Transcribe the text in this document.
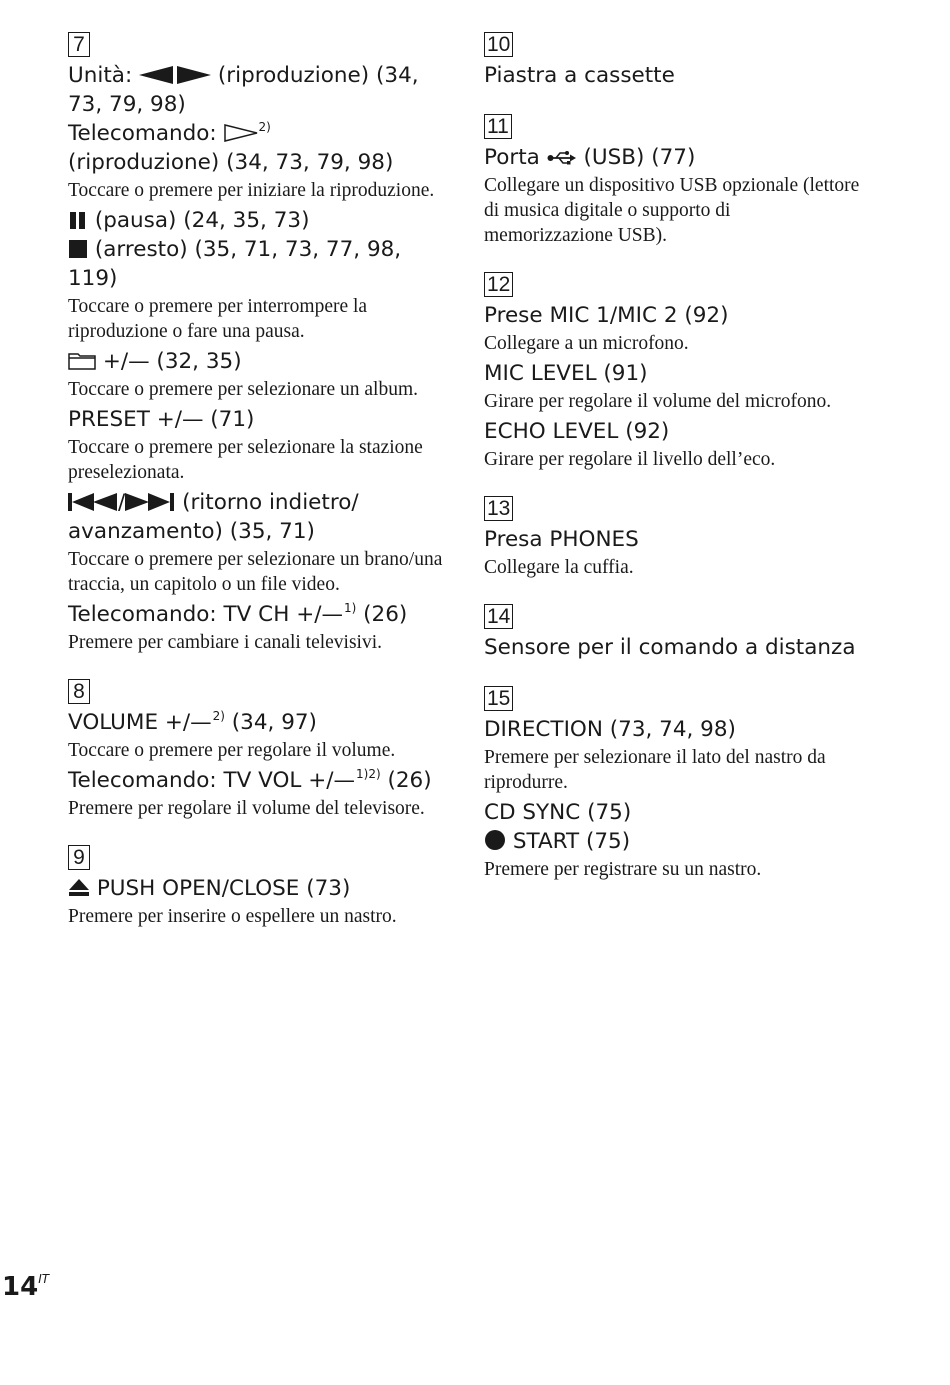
7

Unità:	(riproduzione) (34, 73, 79, 98)

Telecomando:	$^{2)}$
(riproduzione) (34, 73, 79, 98)

Toccare o premere per iniziare la riproduzione.

(pausa) (24, 35, 73)

(arresto) (35, 71, 73, 77, 98, 119)

Toccare o premere per interrompere la riproduzione o fare una pausa.

+/— (32, 35)

Toccare o premere per selezionare un album.

PRESET +/— (71)

Toccare o premere per selezionare la stazione preselezionata.

/ (ritorno indietro/ avanzamento) (35, 71)

Toccare o premere per selezionare un brano/una traccia, un capitolo o un file video.

Telecomando: TV CH +/—$^{1)}$ (26)

Premere per cambiare i canali televisivi.

8

VOLUME +/—$^{2)}$ (34, 97)

Toccare o premere per regolare il volume.

Telecomando: TV VOL +/—$^{1)2)}$ (26)

Premere per regolare il volume del televisore.

9

PUSH OPEN/CLOSE (73)

Premere per inserire o espellere un nastro.

10

Piastra a cassette

11

Porta  (USB) (77)

Collegare un dispositivo USB opzionale (lettore di musica digitale o supporto di memorizzazione USB).

12

Prese MIC 1/MIC 2 (92)

Collegare a un microfono.

MIC LEVEL (91)

Girare per regolare il volume del microfono.

ECHO LEVEL (92)

Girare per regolare il livello dell’eco.

13

Presa PHONES

Collegare la cuffia.

14

Sensore per il comando a distanza

15

DIRECTION (73, 74, 98)

Premere per selezionare il lato del nastro da riprodurre.

CD SYNC (75)

START (75)

Premere per registrare su un nastro.

$14^{IT}$
